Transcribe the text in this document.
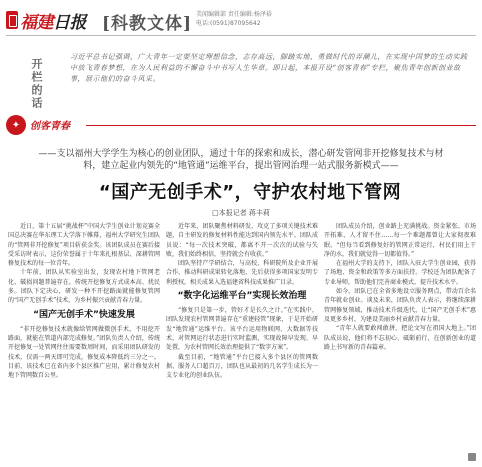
福建日报 [科教文体] 美闻编辑部 责任编辑:杨泽裕
电话:(0591)87095642
开栏的话
习近平总书记强调，广大青年一定要坚定理想信念，志存高远，脚踏实地，勇做时代的弄潮儿，在实现中国梦的生动实践中放飞青春梦想，在为人民利益的不懈奋斗中书写人生华章。即日起，本报开设“创客青春”专栏，聚焦青年创新创业故事，展示他们的奋斗风采。
✦ 创客青春
——支以福州大学学生为核心的创业团队，通过十年的探索和成长，潜心研发管网非开挖修复技术与材料，建立起业内领先的“地管通”运维平台，提出管网治理一站式服务新模式——
“国产无创手术”，守护农村地下管网
□本报记者 蒋丰莉

近日，第十五届“挑战杯”中国大学生创业计划竞赛全国总决赛在华东理工大学落下帷幕，福州大学研究生团队的“管网非开挖修复”项目斩获金奖。该团队成员在赛后接受采访时表示，这份荣誉属于十年来扎根基层、深耕管网修复技术的每一位青年。

十年前，团队从实验室出发，发现农村地下管网老化、破损问题普遍存在，传统开挖修复方式成本高、扰民多。团队下定决心，研发一种不开挖路面就能修复管网的“国产无创手术”技术，为乡村振兴贡献青春力量。

“国产无创手术”快速发展

“非开挖修复技术就像给管网做微创手术，不用挖开路面，就能在管道内部完成修复。”团队负责人介绍，传统开挖修复一处管网往往需要数周时间，而采用团队研发的技术，仅需一两天即可完成，修复成本降低约三分之一。目前，该技术已在省内多个县区推广应用，累计修复农村地下管网数百公里。

近年来，团队聚焦材料研发，攻克了多项关键技术难题，自主研发的修复材料性能达到国内领先水平。团队成员说：“每一次技术突破，都离不开一次次的试验与失败，我们始终相信，坚持就会有收获。”

团队坚持产学研结合，与高校、科研院所及企业开展合作，推动科研成果转化落地，先后获得多项国家发明专利授权，相关成果入选福建省科技成果推广目录。

“数字化运维平台”实现长效治理

“修复只是第一步，管好才是长久之计。”在实践中，团队发现农村管网普遍存在“重建轻管”现象，于是开始研发“地管通”运维平台。该平台运用物联网、大数据等技术，对管网运行状态进行实时监测，实现故障早发现、早处置，为农村管网长效治理提供了“数字方案”。

截至目前，“地管通”平台已接入多个县区的管网数据，服务人口超百万，团队也从最初的几名学生成长为一支专业化的创业队伍。

团队成员介绍，创业路上充满挑战。资金紧张、市场开拓难、人才留不住……每一个难题都曾让大家彻夜难眠。“但每当看到修复好的管网正常运行，村民们用上干净的水，我们就觉得一切都值得。”

在福州大学的支持下，团队入驻大学生创业园，获得了场地、资金和政策等多方面扶持。学校还为团队配备了专业导师，帮助他们完善商业模式、提升技术水平。

如今，团队已在全省多地设立服务网点，带动百余名青年就业创业。谈及未来，团队负责人表示，将继续深耕管网修复领域，推动技术升级迭代，让“国产无创手术”惠及更多乡村，为建设美丽乡村贡献青春力量。

“青年人就要敢闯敢拼，把论文写在祖国大地上。”团队成员说，他们将不忘初心、砥砺前行，在创新创业的道路上书写新的青春篇章。
